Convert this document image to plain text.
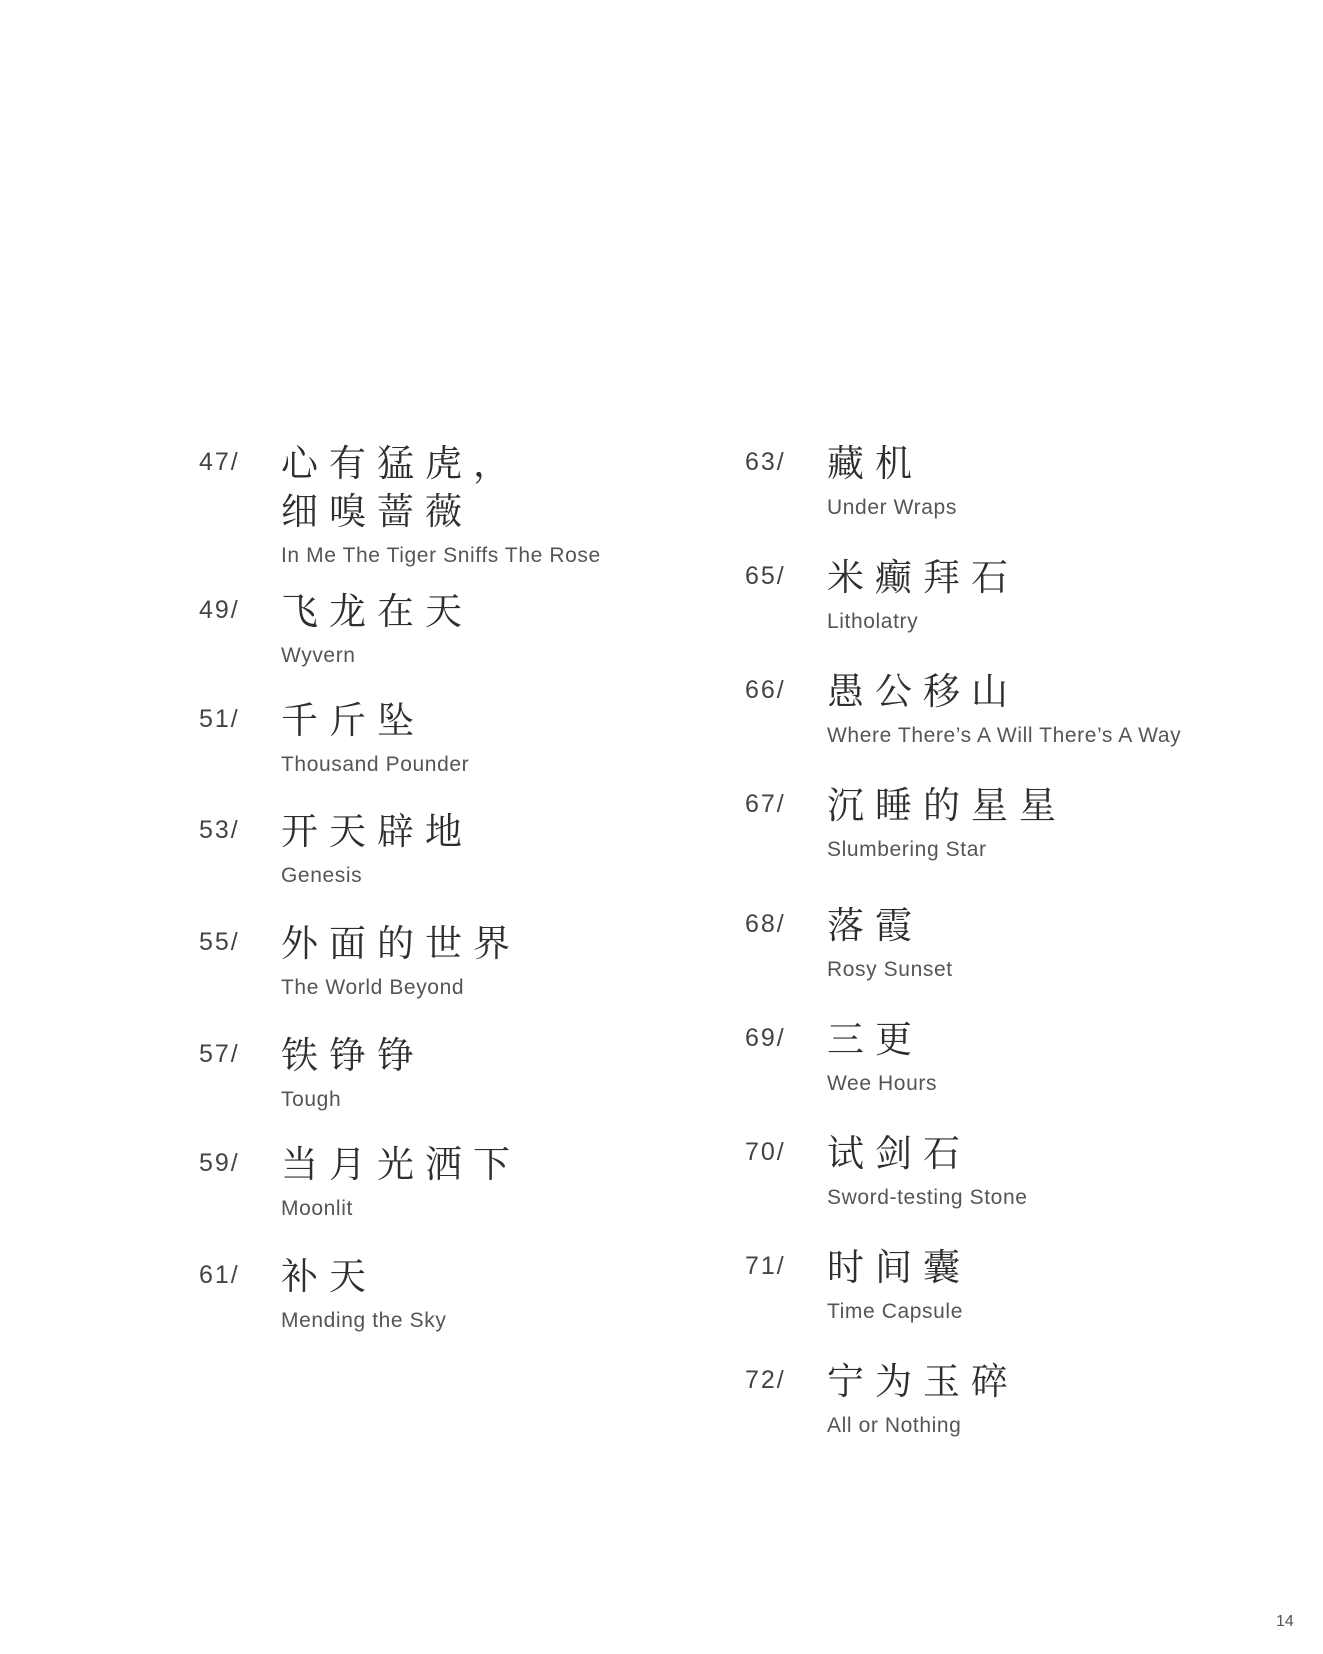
47/ 心有猛虎，
细嗅蔷薇
In Me The Tiger Sniffs The Rose
49/ 飞龙在天
Wyvern
51/ 千斤坠
Thousand Pounder
53/ 开天辟地
Genesis
55/ 外面的世界
The World Beyond
57/ 铁铮铮
Tough
59/ 当月光洒下
Moonlit
61/ 补天
Mending the Sky
63/ 藏机
Under Wraps
65/ 米癫拜石
Litholatry
66/ 愚公移山
Where There’s A Will There’s A Way
67/ 沉睡的星星
Slumbering Star
68/ 落霞
Rosy Sunset
69/ 三更
Wee Hours
70/ 试剑石
Sword-testing Stone
71/ 时间囊
Time Capsule
72/ 宁为玉碎
All or Nothing
14
